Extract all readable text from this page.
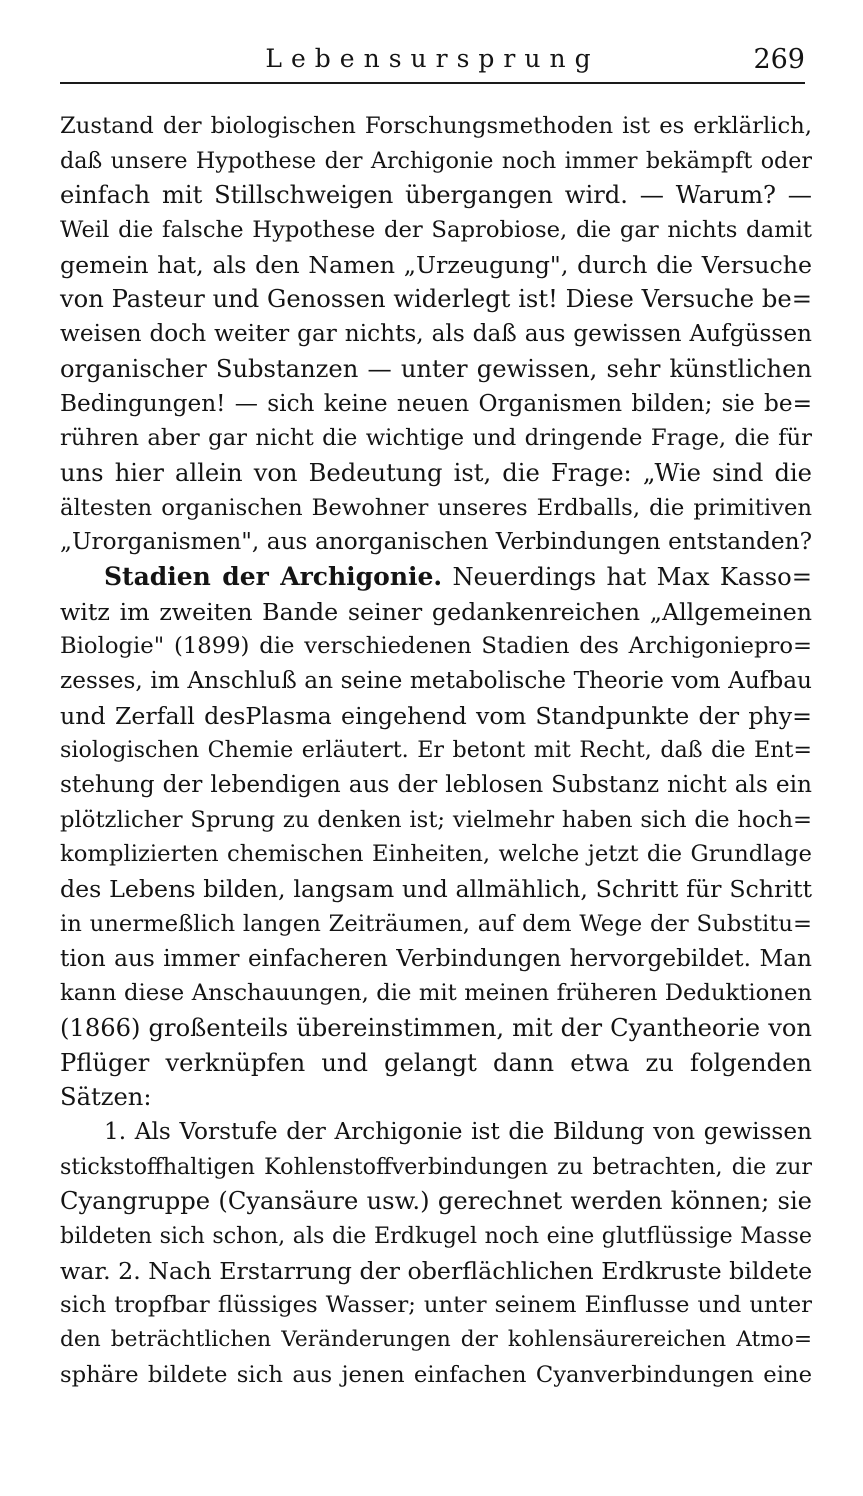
Lebensursprung	269
Zustand der biologischen Forschungsmethoden ist es erklärlich,
daß unsere Hypothese der Archigonie noch immer bekämpft oder
einfach mit Stillschweigen übergangen wird. — Warum? —
Weil die falsche Hypothese der Saprobiose, die gar nichts damit
gemein hat, als den Namen „Urzeugung", durch die Versuche
von Pasteur und Genossen widerlegt ist! Diese Versuche be=
weisen doch weiter gar nichts, als daß aus gewissen Aufgüssen
organischer Substanzen — unter gewissen, sehr künstlichen
Bedingungen! — sich keine neuen Organismen bilden; sie be=
rühren aber gar nicht die wichtige und dringende Frage, die für
uns hier allein von Bedeutung ist, die Frage: „Wie sind die
ältesten organischen Bewohner unseres Erdballs, die primitiven
„Urorganismen", aus anorganischen Verbindungen entstanden?
Stadien der Archigonie. Neuerdings hat Max Kasso=
witz im zweiten Bande seiner gedankenreichen „Allgemeinen
Biologie" (1899) die verschiedenen Stadien des Archigoniepro=
zesses, im Anschluß an seine metabolische Theorie vom Aufbau
und Zerfall desPlasma eingehend vom Standpunkte der phy=
siologischen Chemie erläutert. Er betont mit Recht, daß die Ent=
stehung der lebendigen aus der leblosen Substanz nicht als ein
plötzlicher Sprung zu denken ist; vielmehr haben sich die hoch=
komplizierten chemischen Einheiten, welche jetzt die Grundlage
des Lebens bilden, langsam und allmählich, Schritt für Schritt
in unermeßlich langen Zeiträumen, auf dem Wege der Substitu=
tion aus immer einfacheren Verbindungen hervorgebildet. Man
kann diese Anschauungen, die mit meinen früheren Deduktionen
(1866) großenteils übereinstimmen, mit der Cyantheorie von
Pflüger verknüpfen und gelangt dann etwa zu folgenden
Sätzen:
1. Als Vorstufe der Archigonie ist die Bildung von gewissen
stickstoffhaltigen Kohlenstoffverbindungen zu betrachten, die zur
Cyangruppe (Cyansäure usw.) gerechnet werden können; sie
bildeten sich schon, als die Erdkugel noch eine glutflüssige Masse
war. 2. Nach Erstarrung der oberflächlichen Erdkruste bildete
sich tropfbar flüssiges Wasser; unter seinem Einflusse und unter
den beträchtlichen Veränderungen der kohlensäurereichen Atmo=
sphäre bildete sich aus jenen einfachen Cyanverbindungen eine
